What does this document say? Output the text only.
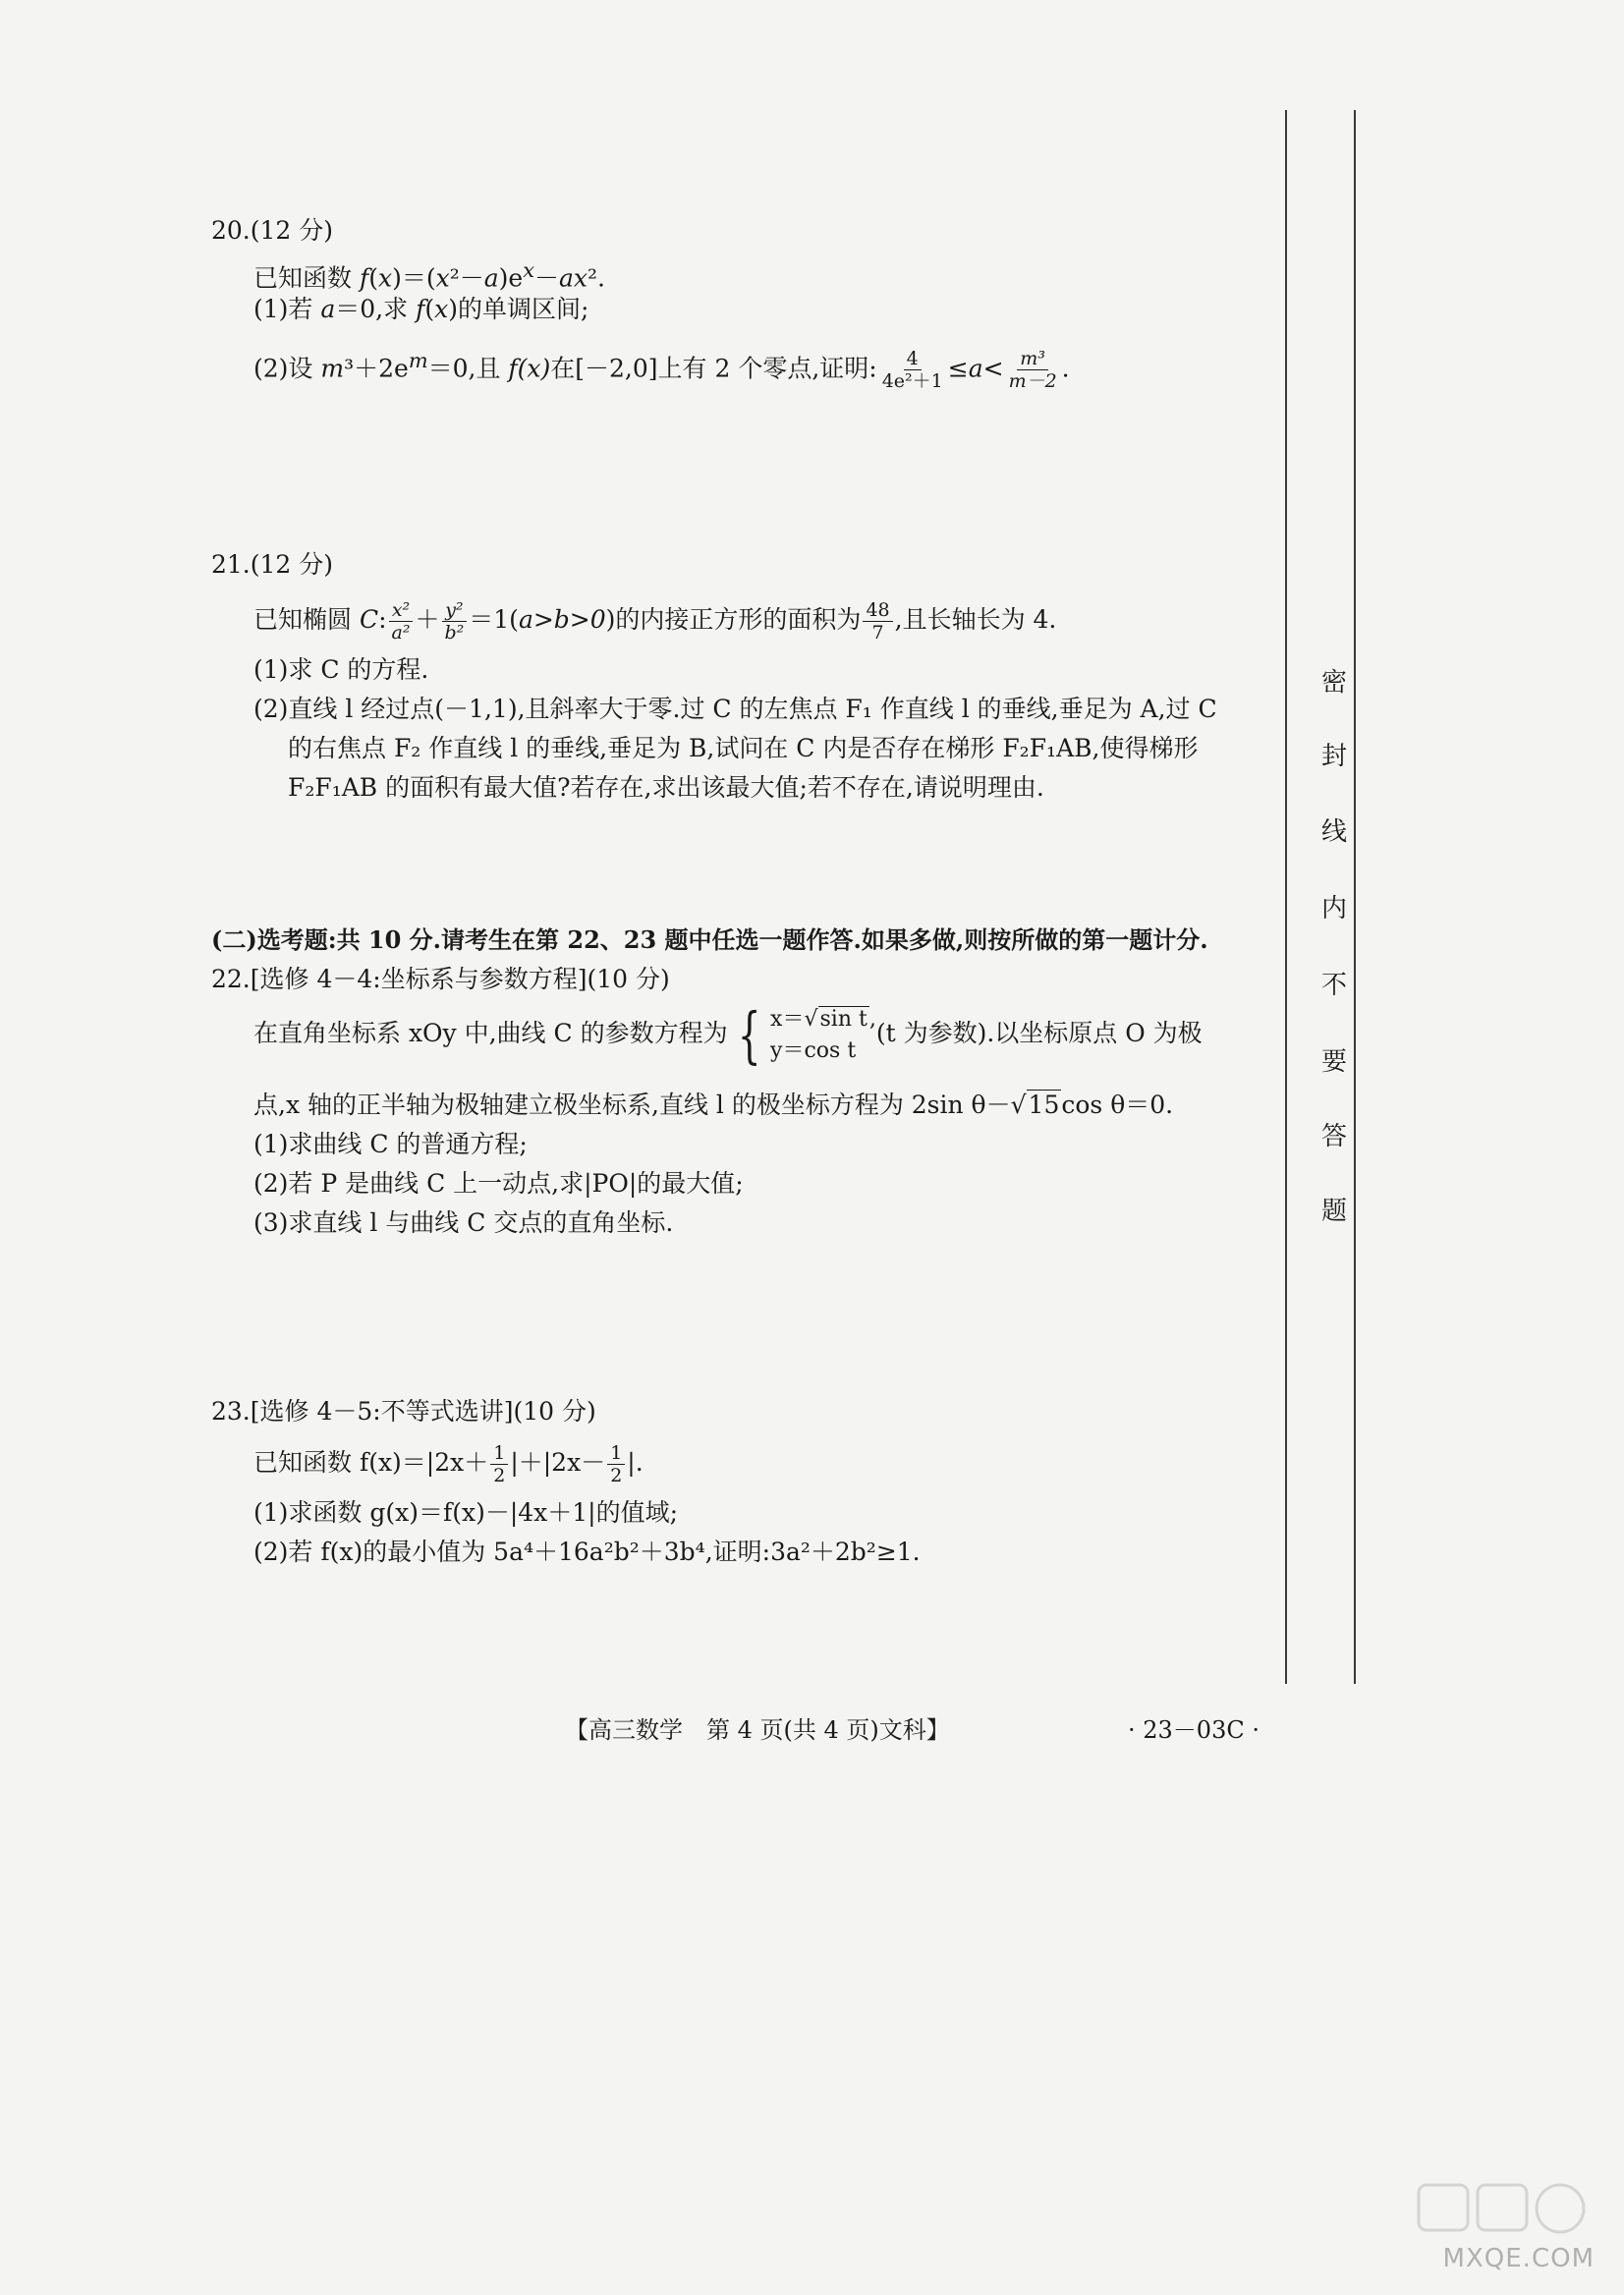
20.(12 分)
已知函数 $f(x)=(x^2-a)e^x-ax^2$.
(1)若 a＝0,求 f(x)的单调区间;
(2)设 $m^3+2e^m=0$,且 f(x)在[－2,0]上有 2 个零点,证明: $\frac{4}{\text{4e²＋1}} \le a< \frac{\text{m³}}{m-2}$ .
21.(12 分)
已知椭圆 C: $\frac{\text{x²}}{\text{a²}} + \frac{\text{y²}}{\text{b²}} =1(a>b>0)$的内接正方形的面积为 $\frac{48}{7}$ ,且长轴长为 4.
(1)求 C 的方程.
(2)直线 l 经过点(－1,1),且斜率大于零.过 C 的左焦点 F₁ 作直线 l 的垂线,垂足为 A,过 C
的右焦点 F₂ 作直线 l 的垂线,垂足为 B,试问在 C 内是否存在梯形 F₂F₁AB,使得梯形
F₂F₁AB 的面积有最大值?若存在,求出该最大值;若不存在,请说明理由.
(二)选考题:共 10 分.请考生在第 22、23 题中任选一题作答.如果多做,则按所做的第一题计分.
22.[选修 4－4:坐标系与参数方程](10 分)
在直角坐标系 xOy 中,曲线 C 的参数方程为 { x＝√sin t,
y＝cos t
(t 为参数).以坐标原点 O 为极
点,x 轴的正半轴为极轴建立极坐标系,直线 l 的极坐标方程为 2sin θ－√15cos θ＝0.
(1)求曲线 C 的普通方程;
(2)若 P 是曲线 C 上一动点,求|PO|的最大值;
(3)求直线 l 与曲线 C 交点的直角坐标.
23.[选修 4－5:不等式选讲](10 分)
已知函数 $f(x)=|2x+ \frac{1}{2} |+|2x- \frac{1}{2}$ |.
(1)求函数 g(x)＝f(x)－|4x＋1|的值域;
(2)若 f(x)的最小值为 5a⁴＋16a²b²＋3b⁴,证明:3a²＋2b²≥1.
【高三数学　第 4 页(共 4 页)文科】	· 23－03C ·
密
封
线
内
不
要
答
题
MXQE.COM
